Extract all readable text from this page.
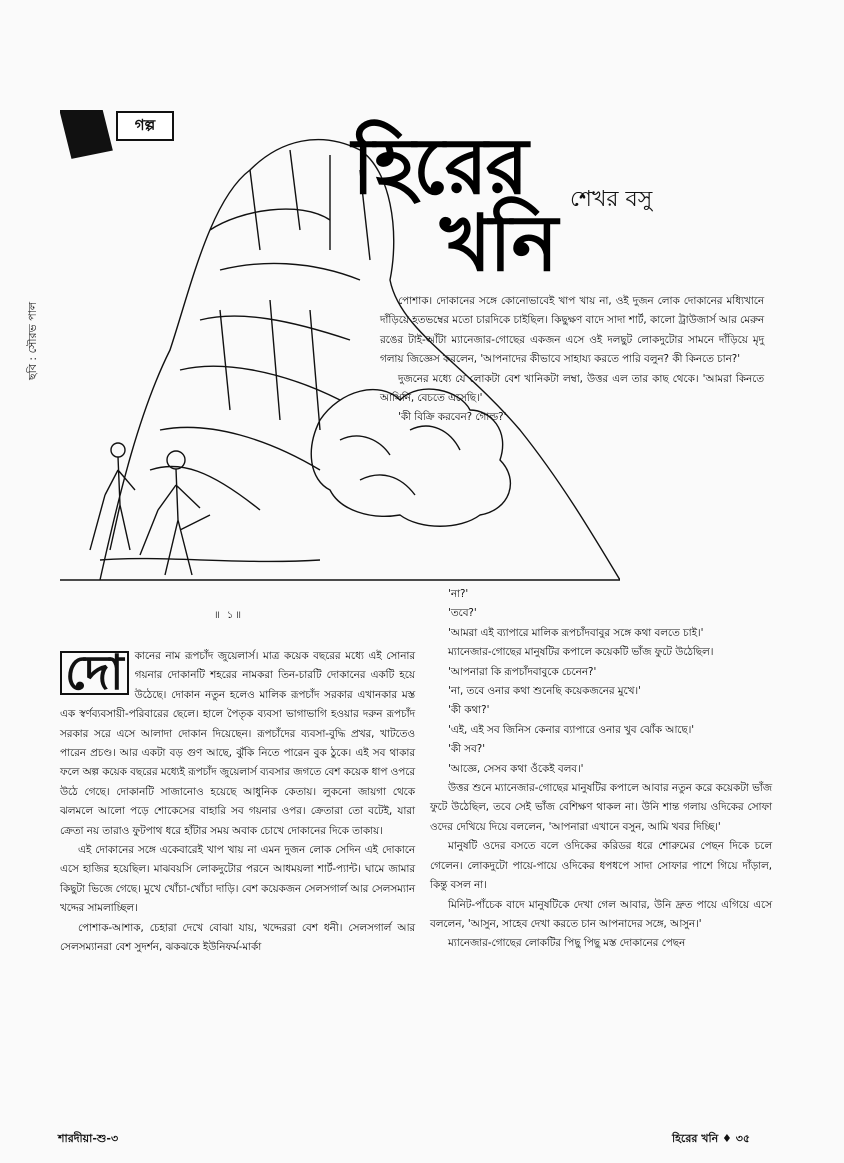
গল্প	হিরের
খনি শেখর বসু
ছবি : সৌরভ পাল

পোশাক। দোকানের সঙ্গে কোনোভাবেই খাপ খায় না, ওই দুজন লোক দোকানের মধ্যিখানে দাঁড়িয়ে হতভম্বের মতো চারদিকে চাইছিল। কিছুক্ষণ বাদে সাদা শার্ট, কালো ট্রাউজার্স আর মেরুন রঙের টাই-আঁটা ম্যানেজার-গোছের একজন এসে ওই দলছুট লোকদুটোর সামনে দাঁড়িয়ে মৃদু গলায় জিজ্ঞেস করলেন, 'আপনাদের কীভাবে সাহায্য করতে পারি বলুন? কী কিনতে চান?'

দুজনের মধ্যে যে লোকটা বেশ খানিকটা লম্বা, উত্তর এল তার কাছ থেকে। 'আমরা কিনতে আসিনি, বেচতে এসেছি।'

'কী বিক্রি করবেন? গোল্ড?'

॥ ১॥

দো	কানের নাম রূপচাঁদ জুয়েলার্স। মাত্র কয়েক বছরের মধ্যে এই সোনার গয়নার দোকানটি শহরের নামকরা তিন-চারটি দোকানের একটি হয়ে উঠেছে। দোকান নতুন হলেও মালিক রূপচাঁদ সরকার এখানকার মস্ত এক স্বর্ণব্যবসায়ী-পরিবারের ছেলে। হালে পৈতৃক ব্যবসা ভাগাভাগি হওয়ার দরুন রূপচাঁদ সরকার সরে এসে আলাদা দোকান দিয়েছেন। রূপচাঁদের ব্যবসা-বুদ্ধি প্রখর, খাটতেও পারেন প্রচণ্ড। আর একটা বড় গুণ আছে, ঝুঁকি নিতে পারেন বুক ঠুকে। এই সব থাকার ফলে অল্প কয়েক বছরের মধ্যেই রূপচাঁদ জুয়েলার্স ব্যবসার জগতে বেশ কয়েক ধাপ ওপরে উঠে গেছে। দোকানটি সাজানোও হয়েছে আধুনিক কেতায়। লুকনো জায়গা থেকে ঝলমলে আলো পড়ে শোকেসের বাহারি সব গয়নার ওপর। ক্রেতারা তো বটেই, যারা ক্রেতা নয় তারাও ফুটপাথ ধরে হাঁটার সময় অবাক চোখে দোকানের দিকে তাকায়।

এই দোকানের সঙ্গে একেবারেই খাপ খায় না এমন দুজন লোক সেদিন এই দোকানে এসে হাজির হয়েছিল। মাঝবয়সি লোকদুটোর পরনে আধময়লা শার্ট-প্যান্ট। ঘামে জামার কিছুটা ভিজে গেছে। মুখে খোঁচা-খোঁচা দাড়ি। বেশ কয়েকজন সেলসগার্ল আর সেলসম্যান খদ্দের সামলাচ্ছিল।

পোশাক-আশাক, চেহারা দেখে বোঝা যায়, খদ্দেররা বেশ ধনী। সেলসগার্ল আর সেলসম্যানরা বেশ সুদর্শন, ঝকঝকে ইউনিফর্ম-মার্কা

'না?'

'তবে?'

'আমরা এই ব্যাপারে মালিক রূপচাঁদবাবুর সঙ্গে কথা বলতে চাই।'

ম্যানেজার-গোছের মানুষটির কপালে কয়েকটি ভাঁজ ফুটে উঠেছিল।

'আপনারা কি রূপচাঁদবাবুকে চেনেন?'

'না, তবে ওনার কথা শুনেছি কয়েকজনের মুখে।'

'কী কথা?'

'এই, এই সব জিনিস কেনার ব্যাপারে ওনার খুব ঝোঁক আছে।'

'কী সব?'

'আজ্ঞে, সেসব কথা ওঁকেই বলব।'

উত্তর শুনে ম্যানেজার-গোছের মানুষটির কপালে আবার নতুন করে কয়েকটা ভাঁজ ফুটে উঠেছিল, তবে সেই ভাঁজ বেশিক্ষণ থাকল না। উনি শান্ত গলায় ওদিকের সোফা ওদের দেখিয়ে দিয়ে বললেন, 'আপনারা এখানে বসুন, আমি খবর দিচ্ছি।'

মানুষটি ওদের বসতে বলে ওদিকের করিডর ধরে শোরুমের পেছন দিকে চলে গেলেন। লোকদুটো পায়ে-পায়ে ওদিকের ধপধপে সাদা সোফার পাশে গিয়ে দাঁড়াল, কিন্তু বসল না।

মিনিট-পাঁচেক বাদে মানুষটিকে দেখা গেল আবার, উনি দ্রুত পায়ে এগিয়ে এসে বললেন, 'আসুন, সাহেব দেখা করতে চান আপনাদের সঙ্গে, আসুন।'

ম্যানেজার-গোছের লোকটির পিছু পিছু মস্ত দোকানের পেছন

শারদীয়া-শু-৩	হিরের খনি ♦ ৩৫
